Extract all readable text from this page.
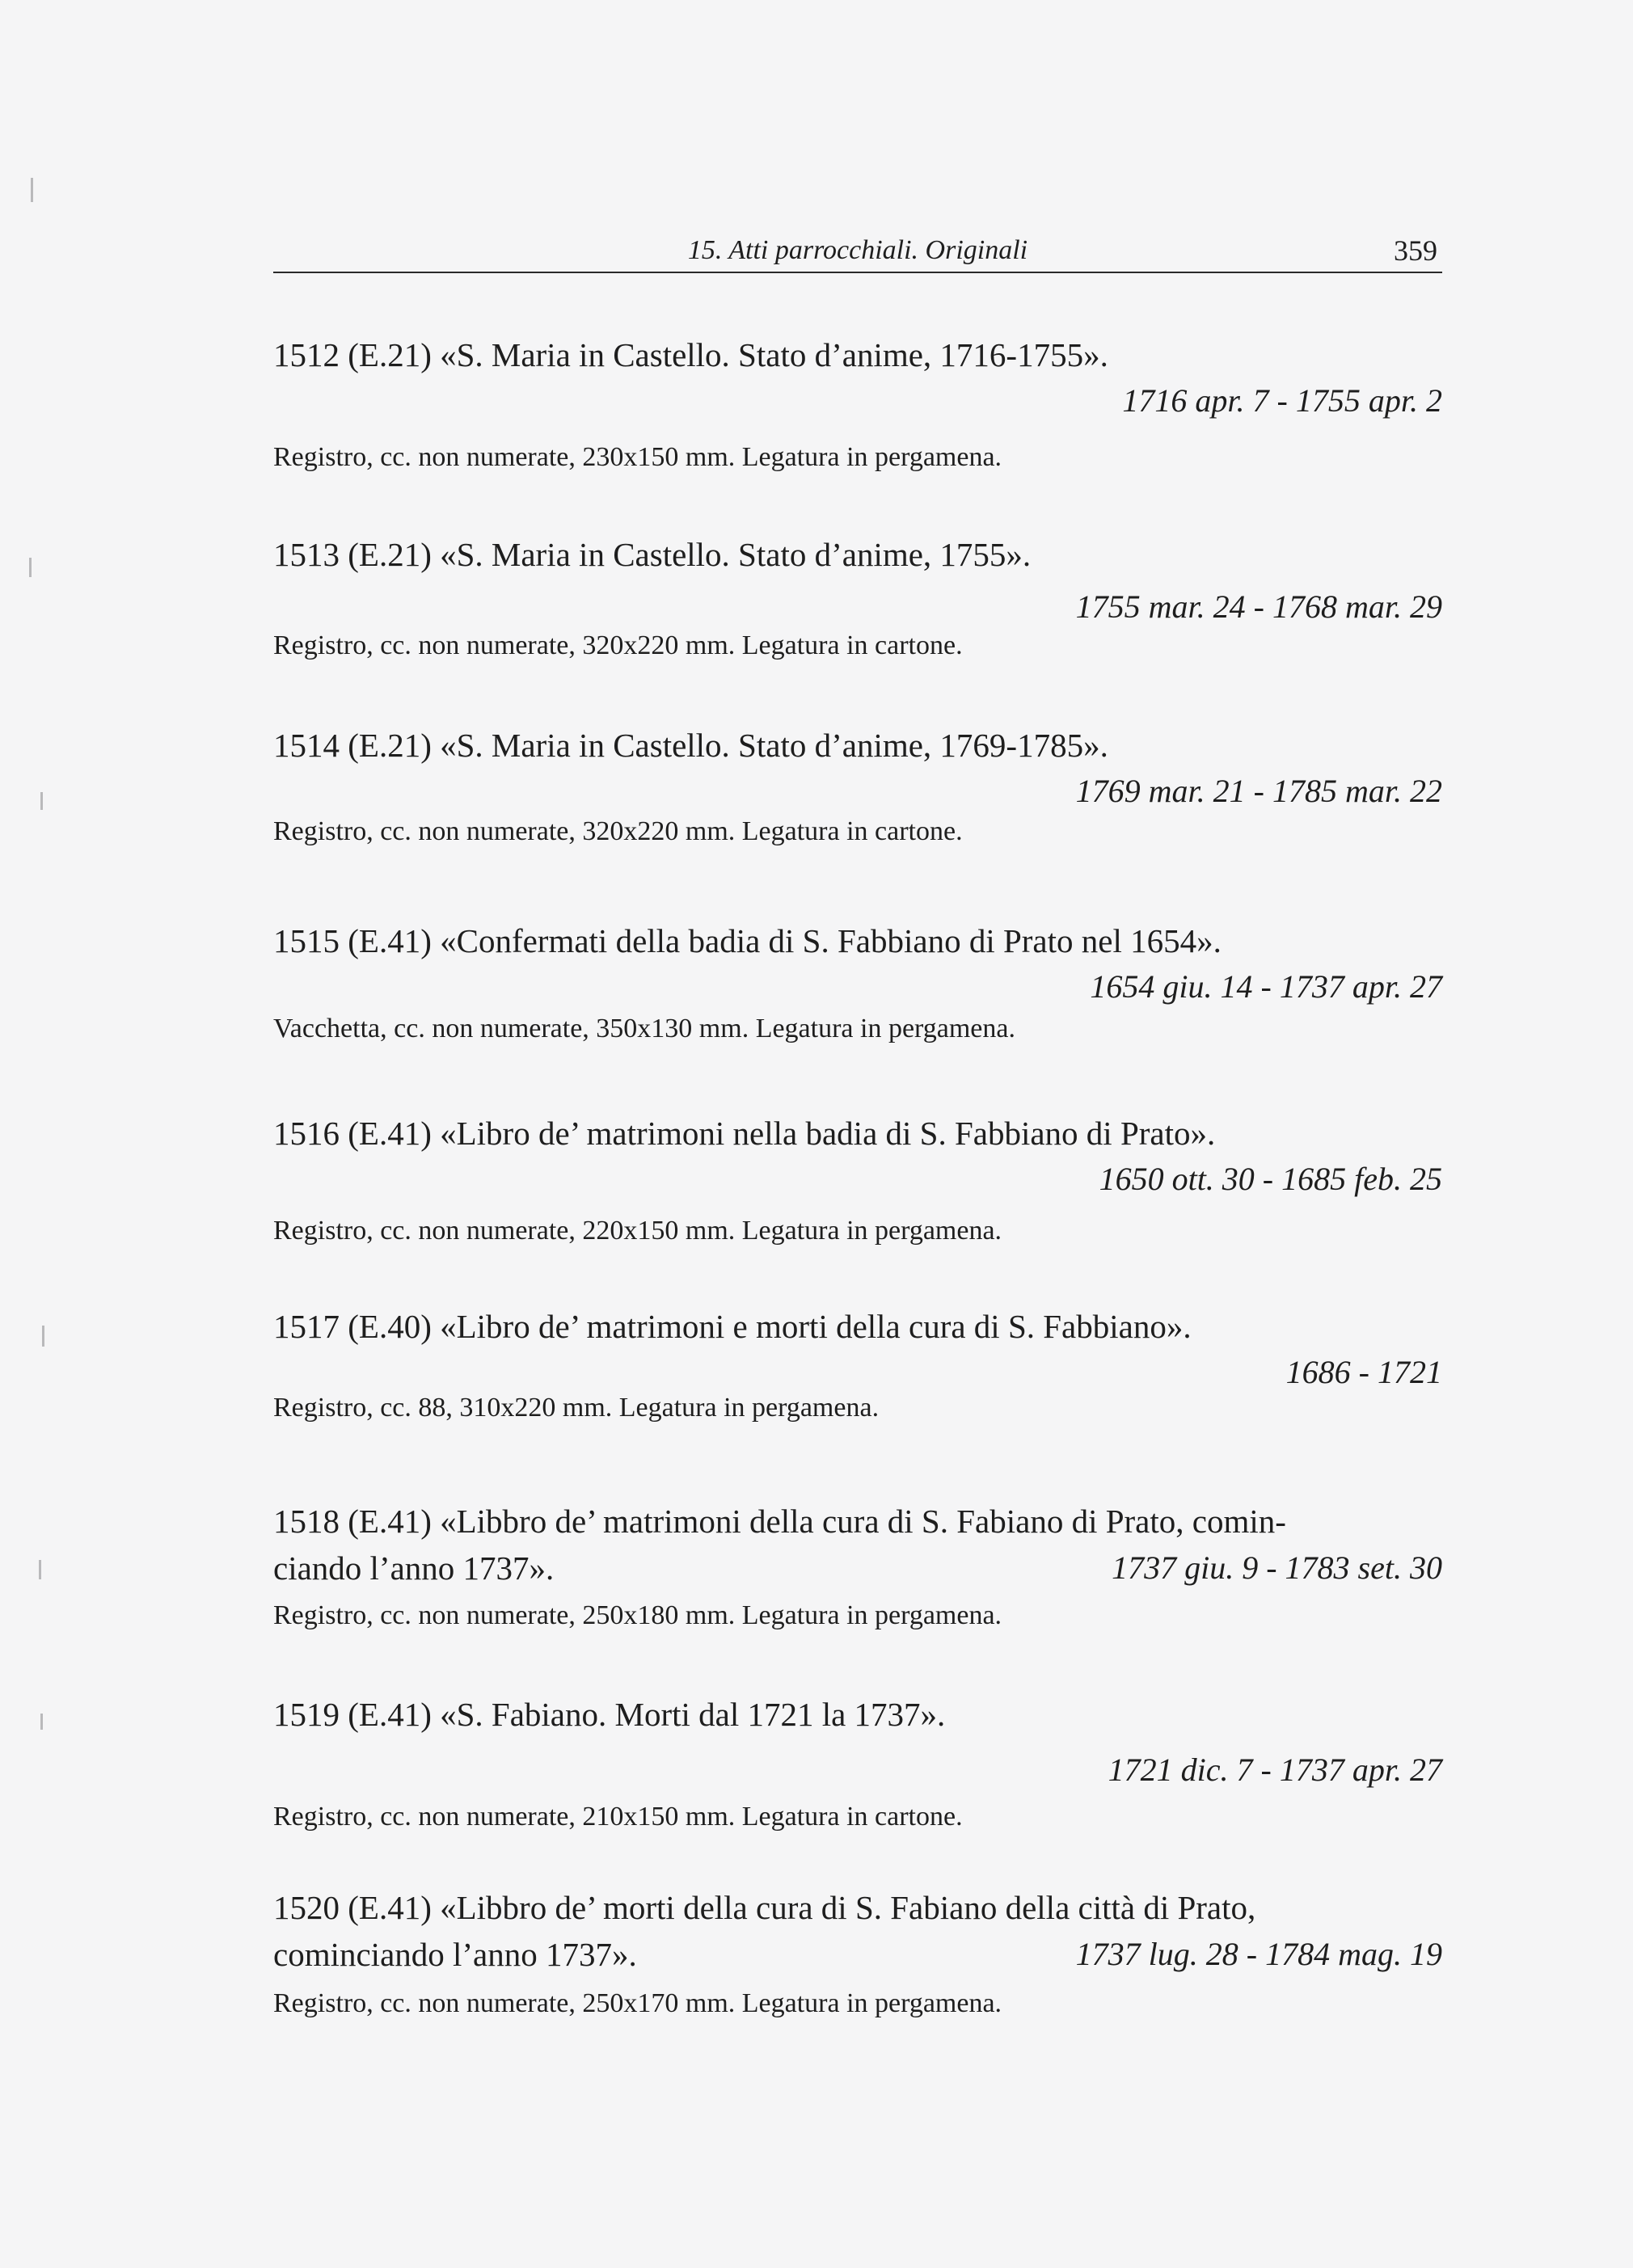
15. Atti parrocchiali. Originali	359
1512 (E.21) «S. Maria in Castello. Stato d’anime, 1716-1755».
1716 apr. 7 - 1755 apr. 2
Registro, cc. non numerate, 230x150 mm. Legatura in pergamena.
1513 (E.21) «S. Maria in Castello. Stato d’anime, 1755».
1755 mar. 24 - 1768 mar. 29
Registro, cc. non numerate, 320x220 mm. Legatura in cartone.
1514 (E.21) «S. Maria in Castello. Stato d’anime, 1769-1785».
1769 mar. 21 - 1785 mar. 22
Registro, cc. non numerate, 320x220 mm. Legatura in cartone.
1515 (E.41) «Confermati della badia di S. Fabbiano di Prato nel 1654».
1654 giu. 14 - 1737 apr. 27
Vacchetta, cc. non numerate, 350x130 mm. Legatura in pergamena.
1516 (E.41) «Libro de’ matrimoni nella badia di S. Fabbiano di Prato».
1650 ott. 30 - 1685 feb. 25
Registro, cc. non numerate, 220x150 mm. Legatura in pergamena.
1517 (E.40) «Libro de’ matrimoni e morti della cura di S. Fabbiano».
1686 - 1721
Registro, cc. 88, 310x220 mm. Legatura in pergamena.
1518 (E.41) «Libbro de’ matrimoni della cura di S. Fabiano di Prato, comin-
ciando l’anno 1737».	1737 giu. 9 - 1783 set. 30
Registro, cc. non numerate, 250x180 mm. Legatura in pergamena.
1519 (E.41) «S. Fabiano. Morti dal 1721 la 1737».
1721 dic. 7 - 1737 apr. 27
Registro, cc. non numerate, 210x150 mm. Legatura in cartone.
1520 (E.41) «Libbro de’ morti della cura di S. Fabiano della città di Prato,
cominciando l’anno 1737».	1737 lug. 28 - 1784 mag. 19
Registro, cc. non numerate, 250x170 mm. Legatura in pergamena.
